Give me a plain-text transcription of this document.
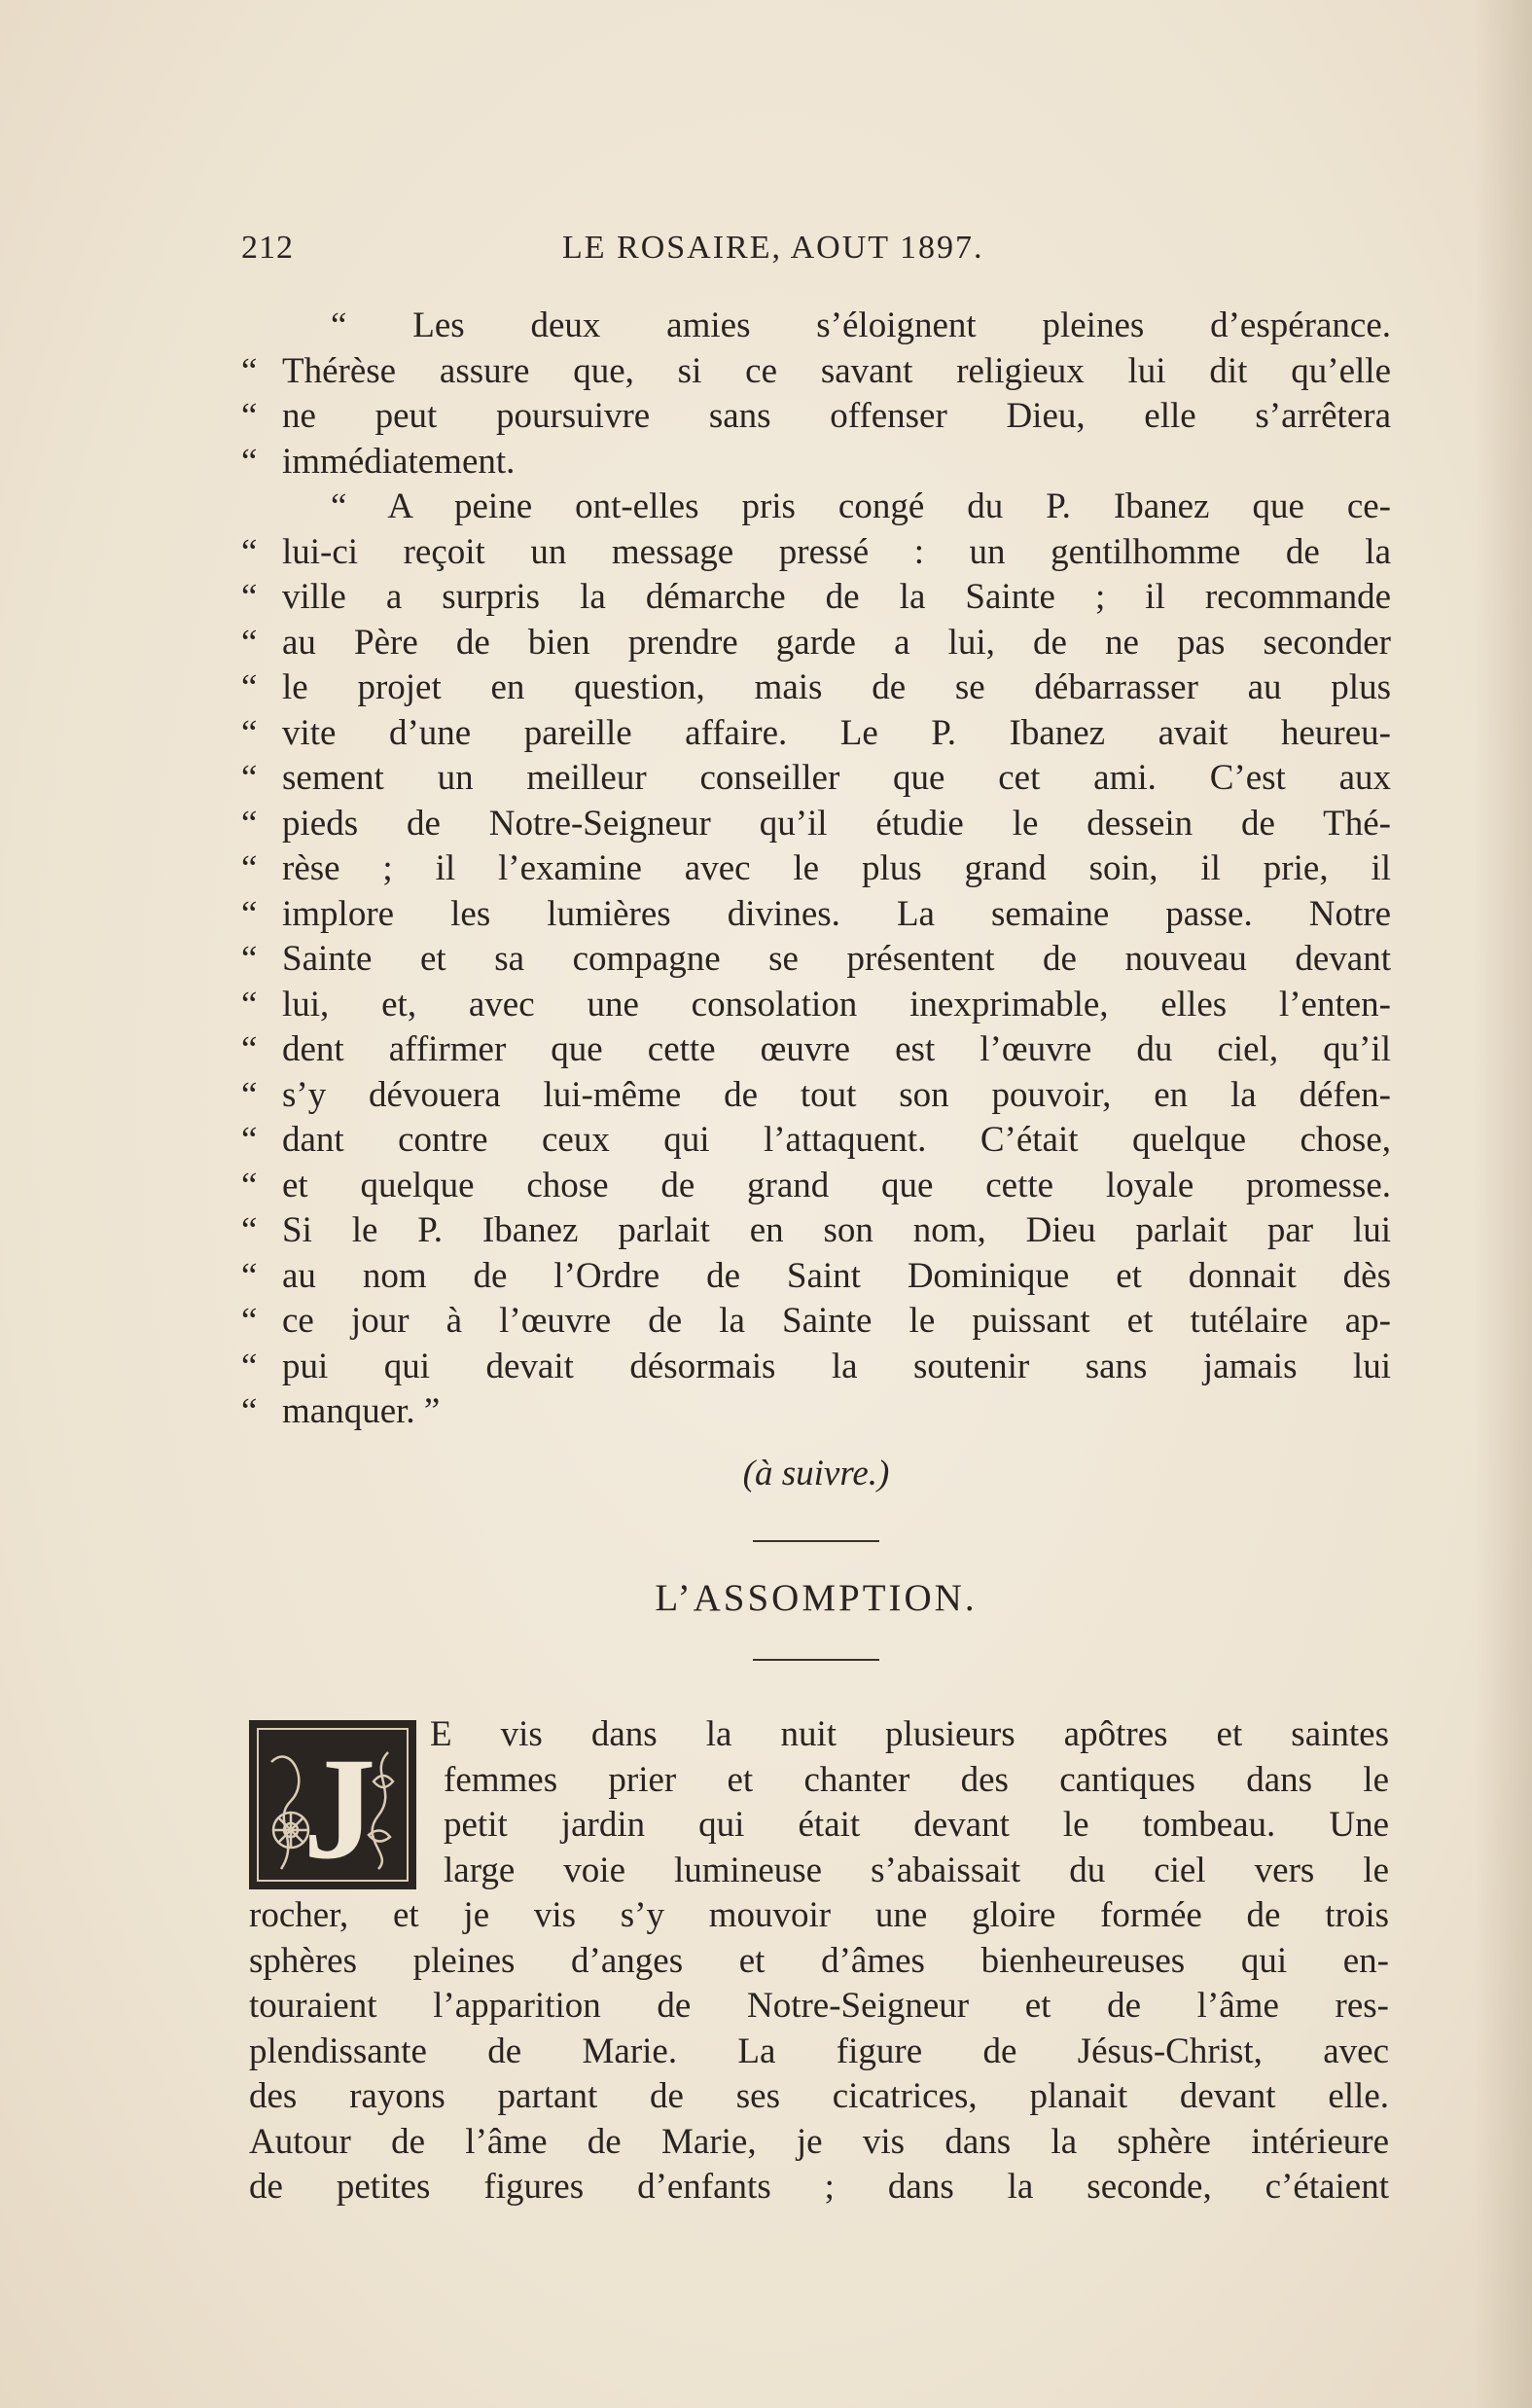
212	LE ROSAIRE, AOUT 1897.
“ Les deux amies s’éloignent pleines d’espérance.
“ Thérèse assure que, si ce savant religieux lui dit qu’elle
“ ne peut poursuivre sans offenser Dieu, elle s’arrêtera
“ immédiatement.
“ A peine ont-elles pris congé du P. Ibanez que ce-
“ lui-ci reçoit un message pressé : un gentilhomme de la
“ ville a surpris la démarche de la Sainte ; il recommande
“ au Père de bien prendre garde a lui, de ne pas seconder
“ le projet en question, mais de se débarrasser au plus
“ vite d’une pareille affaire. Le P. Ibanez avait heureu-
“ sement un meilleur conseiller que cet ami. C’est aux
“ pieds de Notre-Seigneur qu’il étudie le dessein de Thé-
“ rèse ; il l’examine avec le plus grand soin, il prie, il
“ implore les lumières divines. La semaine passe. Notre
“ Sainte et sa compagne se présentent de nouveau devant
“ lui, et, avec une consolation inexprimable, elles l’enten-
“ dent affirmer que cette œuvre est l’œuvre du ciel, qu’il
“ s’y dévouera lui-même de tout son pouvoir, en la défen-
“ dant contre ceux qui l’attaquent. C’était quelque chose,
“ et quelque chose de grand que cette loyale promesse.
“ Si le P. Ibanez parlait en son nom, Dieu parlait par lui
“ au nom de l’Ordre de Saint Dominique et donnait dès
“ ce jour à l’œuvre de la Sainte le puissant et tutélaire ap-
“ pui qui devait désormais la soutenir sans jamais lui
“ manquer. ”
(à suivre.)
L’ASSOMPTION.
J E vis dans la nuit plusieurs apôtres et saintes
femmes prier et chanter des cantiques dans le
petit jardin qui était devant le tombeau. Une
large voie lumineuse s’abaissait du ciel vers le
rocher, et je vis s’y mouvoir une gloire formée de trois
sphères pleines d’anges et d’âmes bienheureuses qui en-
touraient l’apparition de Notre-Seigneur et de l’âme res-
plendissante de Marie. La figure de Jésus-Christ, avec
des rayons partant de ses cicatrices, planait devant elle.
Autour de l’âme de Marie, je vis dans la sphère intérieure
de petites figures d’enfants ; dans la seconde, c’étaient
